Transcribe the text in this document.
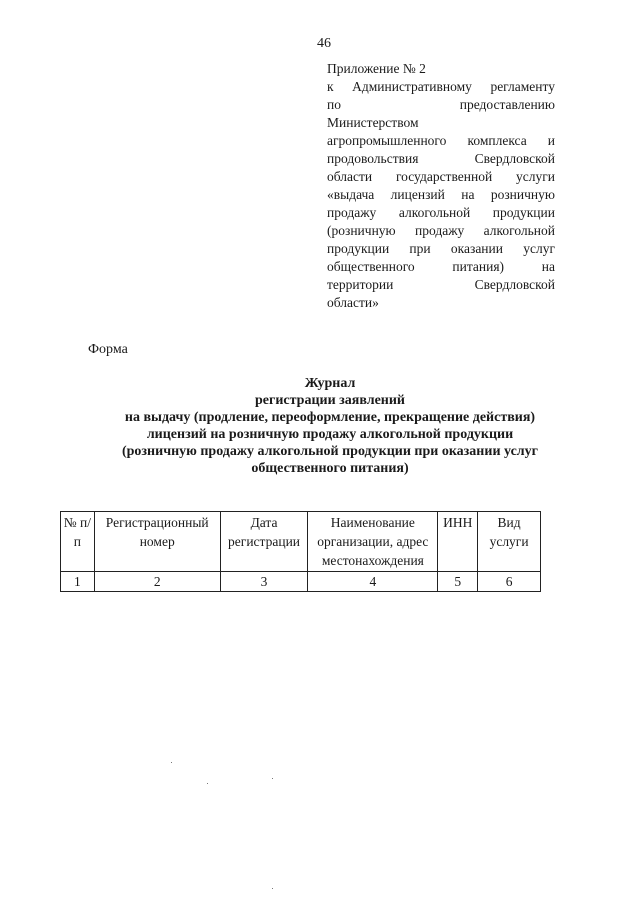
46
Приложение № 2
к Административному регламенту
по предоставлению
Министерством
агропромышленного комплекса и
продовольствия Свердловской
области государственной услуги
«выдача лицензий на розничную
продажу алкогольной продукции
(розничную продажу алкогольной
продукции при оказании услуг
общественного питания) на
территории Свердловской
области»
Форма
Журнал
регистрации заявлений
на выдачу (продление, переоформление, прекращение действия)
лицензий на розничную продажу алкогольной продукции
(розничную продажу алкогольной продукции при оказании услуг
общественного питания)
№ п/п	Регистрационный номер	Дата регистрации	Наименование организации, адрес местонахождения	ИНН	Вид услуги
1	2	3	4	5	6
